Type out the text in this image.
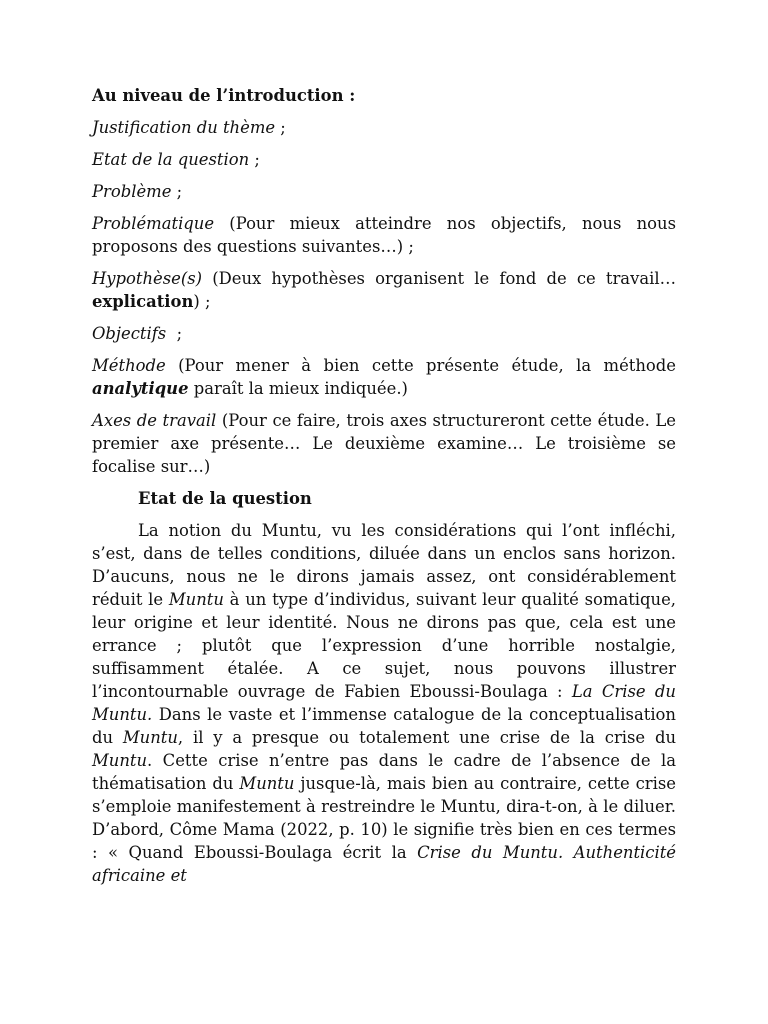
Au niveau de l’introduction :
Justification du thème ;
Etat de la question ;
Problème ;
Problématique (Pour mieux atteindre nos objectifs, nous nous proposons des questions suivantes…) ;
Hypothèse(s) (Deux hypothèses organisent le fond de ce travail… explication) ;
Objectifs  ;
Méthode (Pour mener à bien cette présente étude, la méthode analytique paraît la mieux indiquée.)
Axes de travail (Pour ce faire, trois axes structureront cette étude. Le premier axe présente… Le deuxième examine… Le troisième se focalise sur…)
Etat de la question

La notion du Muntu, vu les considérations qui l’ont infléchi, s’est, dans de telles conditions, diluée dans un enclos sans horizon. D’aucuns, nous ne le dirons jamais assez, ont considérablement réduit le Muntu à un type d’individus, suivant leur qualité somatique, leur origine et leur identité. Nous ne dirons pas que, cela est une errance ; plutôt que l’expression d’une horrible nostalgie, suffisamment étalée. A ce sujet, nous pouvons illustrer l’incontournable ouvrage de Fabien Eboussi-Boulaga : La Crise du Muntu. Dans le vaste et l’immense catalogue de la conceptualisation du Muntu, il y a presque ou totalement une crise de la crise du Muntu. Cette crise n’entre pas dans le cadre de l’absence de la thématisation du Muntu jusque-là, mais bien au contraire, cette crise s’emploie manifestement à restreindre le Muntu, dira-t-on, à le diluer. D’abord, Côme Mama (2022, p. 10) le signifie très bien en ces termes : « Quand Eboussi-Boulaga écrit la Crise du Muntu. Authenticité africaine et
